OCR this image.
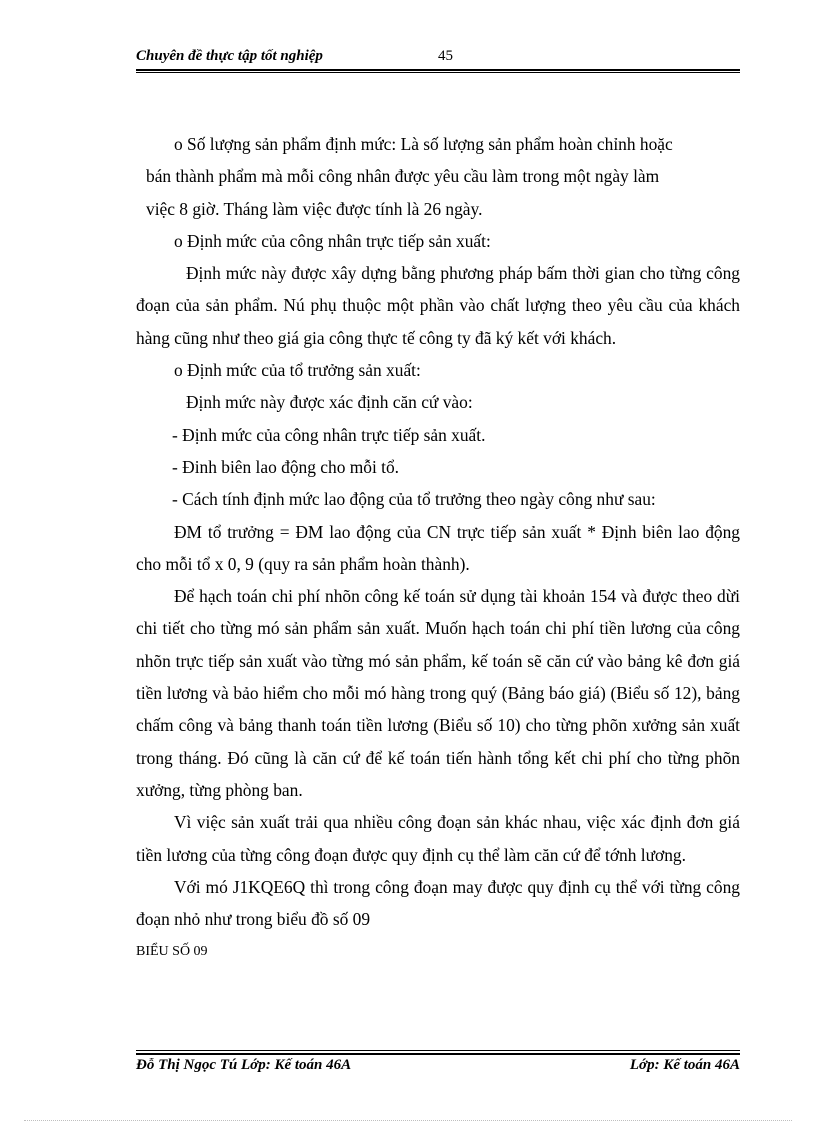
Chuyên đề thực tập tốt nghiệp	45

o Số lượng sản phẩm định mức: Là số lượng sản phẩm hoàn chỉnh hoặc

bán thành phẩm mà mỗi công nhân được yêu cầu làm trong một ngày làm

việc 8 giờ. Tháng làm việc được tính là 26 ngày.

o Định mức của công nhân trực tiếp sản xuất:

Định mức này được xây dựng bằng phương pháp bấm thời gian cho từng công đoạn của sản phẩm. Nú phụ thuộc một phần vào chất lượng theo yêu cầu của khách hàng cũng như theo giá gia công thực tế công ty đã ký kết với khách.

o Định mức của tổ trưởng sản xuất:

Định mức này được xác định căn cứ vào:

- Định mức của công nhân trực tiếp sản xuất.

- Đinh biên lao động cho mỗi tổ.

- Cách tính định mức lao động của tổ trưởng theo ngày công như sau:

ĐM tổ trưởng = ĐM lao động của CN trực tiếp sản xuất * Định biên lao động cho mỗi tổ x 0, 9 (quy ra sản phẩm hoàn thành).

Để hạch toán chi phí nhõn công kế toán sử dụng tài khoản 154 và được theo dừi chi tiết cho từng mó sản phẩm sản xuất. Muốn hạch toán chi phí tiền lương của công nhõn trực tiếp sản xuất vào từng mó sản phẩm, kế toán sẽ căn cứ vào bảng kê đơn giá tiền lương và bảo hiểm cho mỗi mó hàng trong quý (Bảng báo giá) (Biểu số 12), bảng chấm công và bảng thanh toán tiền lương (Biểu số 10) cho từng phõn xưởng sản xuất trong tháng. Đó cũng là căn cứ để kế toán tiến hành tổng kết chi phí cho từng phõn xưởng, từng phòng ban.

Vì việc sản xuất trải qua nhiều công đoạn sản khác nhau, việc xác định đơn giá tiền lương của từng công đoạn được quy định cụ thể làm căn cứ để tớnh lương.

Với mó J1KQE6Q thì trong công đoạn may được quy định cụ thể với từng công đoạn nhỏ như trong biểu đồ số 09

BIỂU SỐ 09

Đỗ Thị Ngọc Tú Lớp: Kế toán 46A	Lớp: Kế toán 46A
